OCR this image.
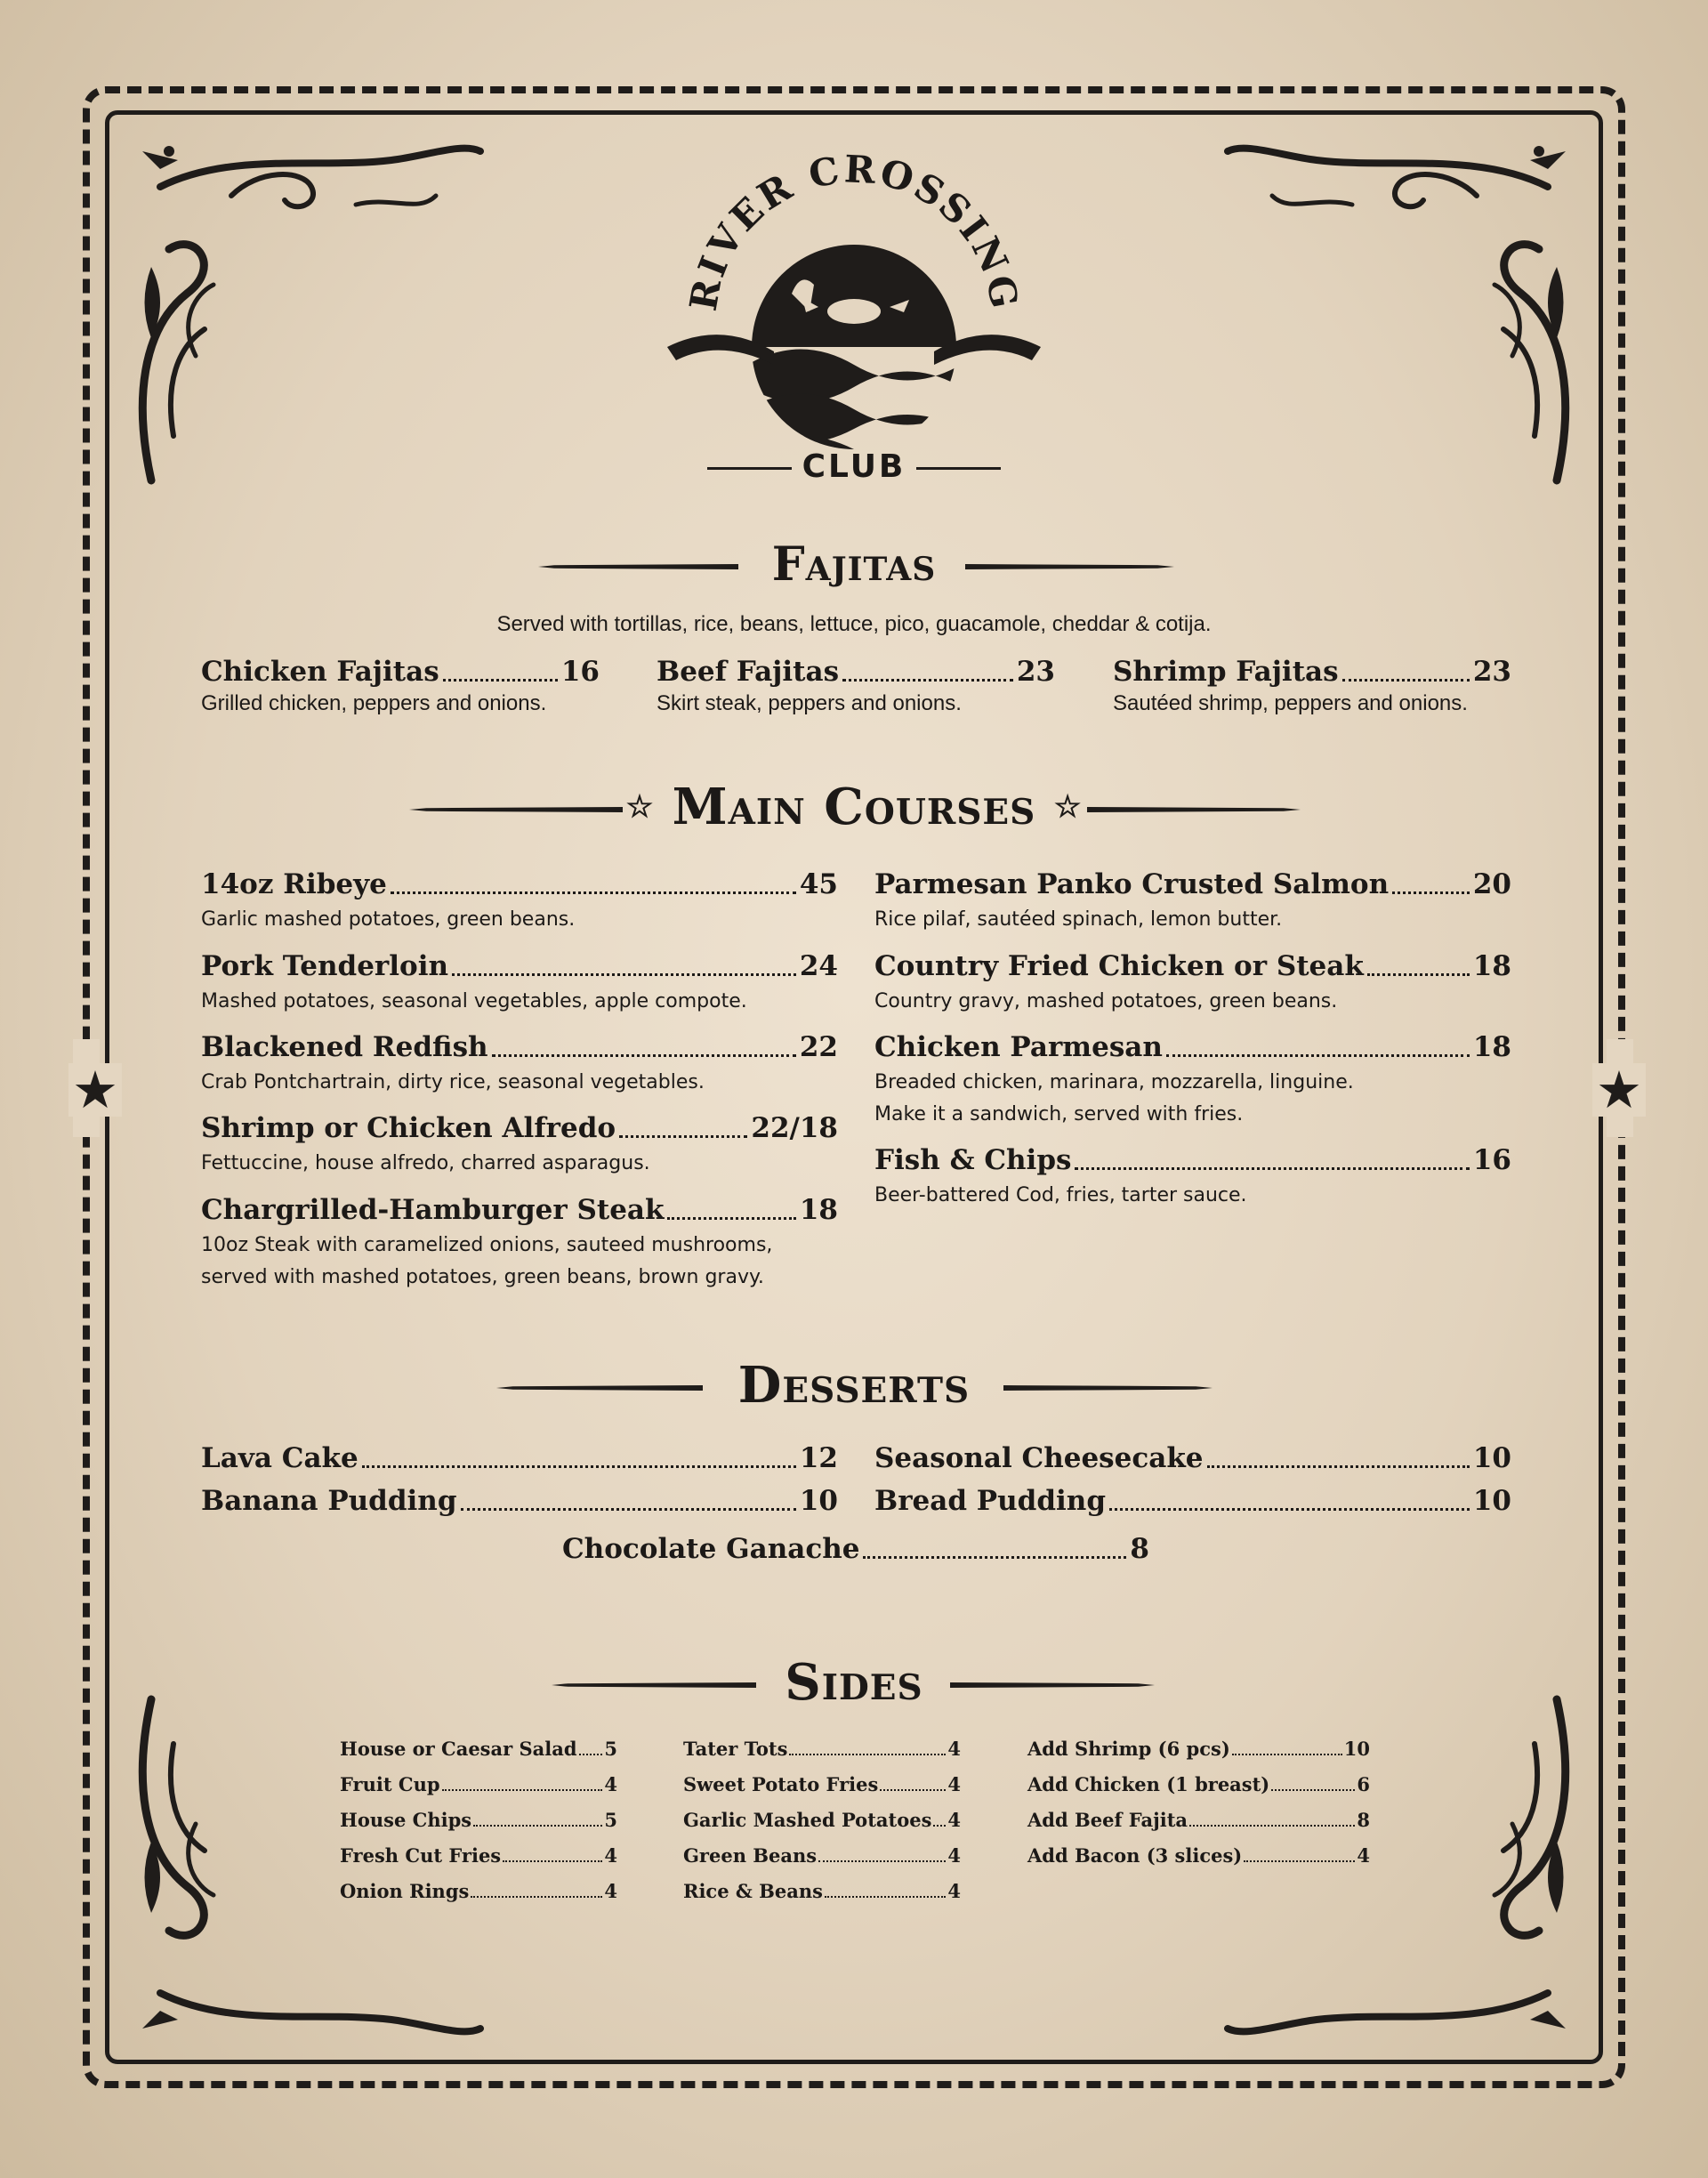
★	★
RIVER CROSSING
CLUB
Fajitas
Served with tortillas, rice, beans, lettuce, pico, guacamole, cheddar & cotija.
Chicken Fajitas	16
Grilled chicken, peppers and onions.
Beef Fajitas	23
Skirt steak, peppers and onions.
Shrimp Fajitas	23
Sautéed shrimp, peppers and onions.
☆ Main Courses ☆
14oz Ribeye	45
Garlic mashed potatoes, green beans.
Pork Tenderloin	24
Mashed potatoes, seasonal vegetables, apple compote.
Blackened Redfish	22
Crab Pontchartrain, dirty rice, seasonal vegetables.
Shrimp or Chicken Alfredo	22/18
Fettuccine, house alfredo, charred asparagus.
Chargrilled-Hamburger Steak	18
10oz Steak with caramelized onions, sauteed mushrooms,
served with mashed potatoes, green beans, brown gravy.
Parmesan Panko Crusted Salmon	20
Rice pilaf, sautéed spinach, lemon butter.
Country Fried Chicken or Steak	18
Country gravy, mashed potatoes, green beans.
Chicken Parmesan	18
Breaded chicken, marinara, mozzarella, linguine.
Make it a sandwich, served with fries.
Fish & Chips	16
Beer-battered Cod, fries, tarter sauce.
Desserts
Lava Cake	12 Seasonal Cheesecake	10
Banana Pudding	10 Bread Pudding	10
Chocolate Ganache	8
Sides
House or Caesar Salad 5
Fruit Cup	4
House Chips	5
Fresh Cut Fries	4
Onion Rings	4
Tater Tots	4
Sweet Potato Fries	4
Garlic Mashed Potatoes 4
Green Beans	4
Rice & Beans	4
Add Shrimp (6 pcs)	10
Add Chicken (1 breast)	6
Add Beef Fajita	8
Add Bacon (3 slices)	4
